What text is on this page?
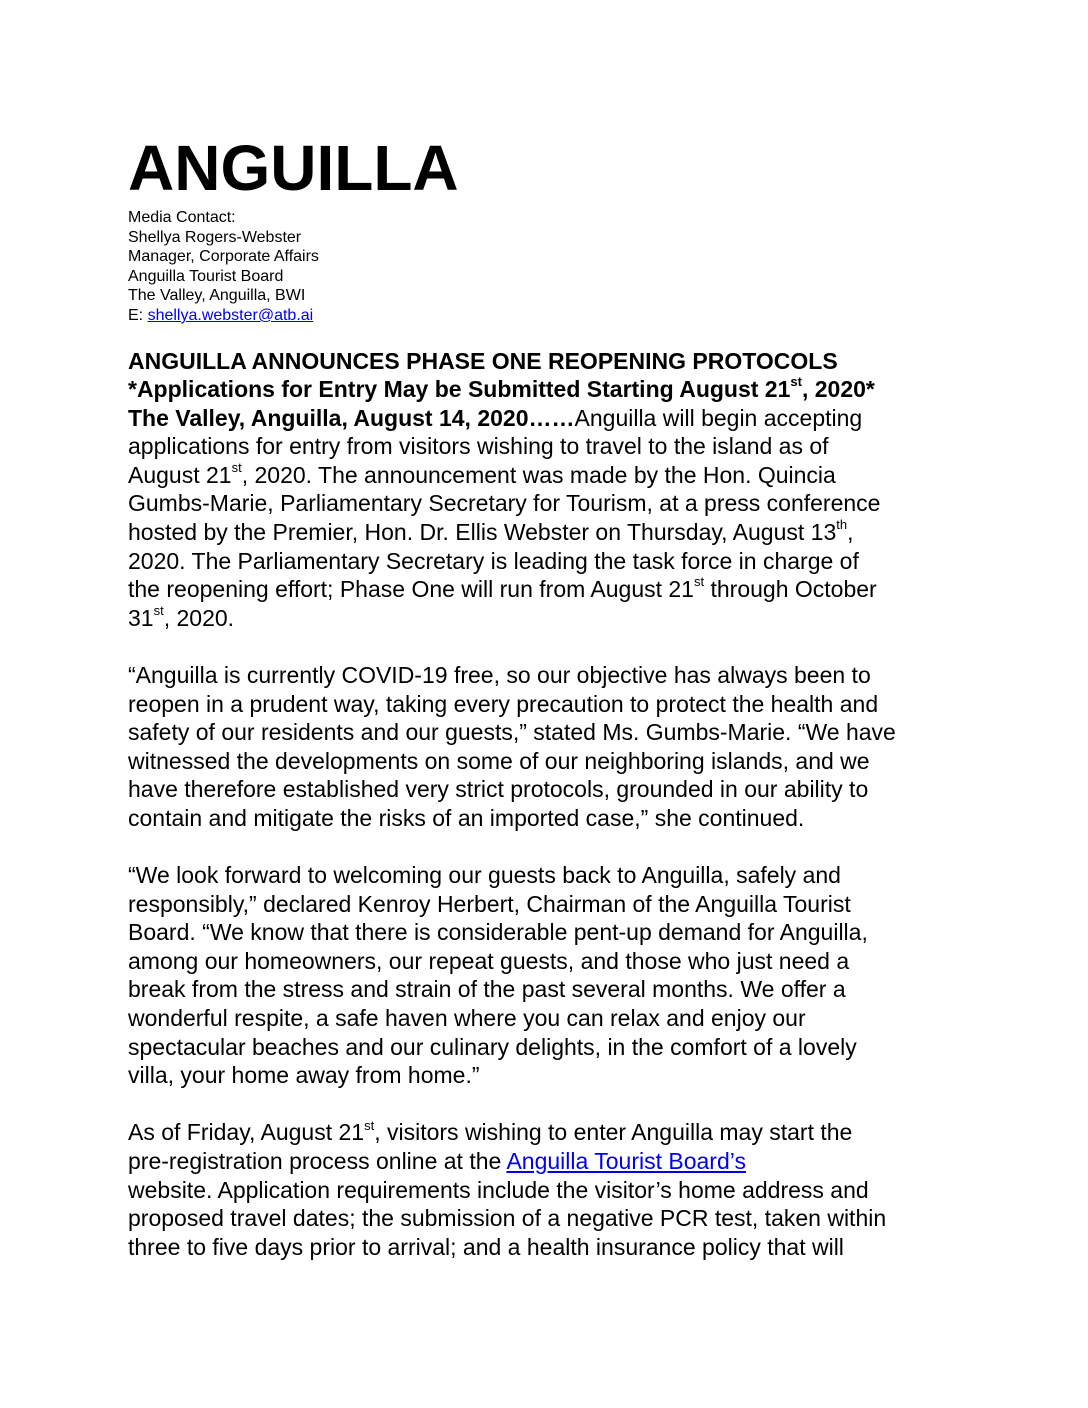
ANGUILLA
Media Contact:
Shellya Rogers-Webster
Manager, Corporate Affairs
Anguilla Tourist Board
The Valley, Anguilla, BWI
E: shellya.webster@atb.ai
ANGUILLA ANNOUNCES PHASE ONE REOPENING PROTOCOLS
*Applications for Entry May be Submitted Starting August 21st, 2020*

The Valley, Anguilla, August 14, 2020……Anguilla will begin accepting
applications for entry from visitors wishing to travel to the island as of
August 21st, 2020. The announcement was made by the Hon. Quincia
Gumbs-Marie, Parliamentary Secretary for Tourism, at a press conference
hosted by the Premier, Hon. Dr. Ellis Webster on Thursday, August 13th,
2020. The Parliamentary Secretary is leading the task force in charge of
the reopening effort; Phase One will run from August 21st through October
31st, 2020.

“Anguilla is currently COVID-19 free, so our objective has always been to
reopen in a prudent way, taking every precaution to protect the health and
safety of our residents and our guests,” stated Ms. Gumbs-Marie. “We have
witnessed the developments on some of our neighboring islands, and we
have therefore established very strict protocols, grounded in our ability to
contain and mitigate the risks of an imported case,” she continued.

“We look forward to welcoming our guests back to Anguilla, safely and
responsibly,” declared Kenroy Herbert, Chairman of the Anguilla Tourist
Board. “We know that there is considerable pent-up demand for Anguilla,
among our homeowners, our repeat guests, and those who just need a
break from the stress and strain of the past several months. We offer a
wonderful respite, a safe haven where you can relax and enjoy our
spectacular beaches and our culinary delights, in the comfort of a lovely
villa, your home away from home.”

As of Friday, August 21st, visitors wishing to enter Anguilla may start the
pre-registration process online at the Anguilla Tourist Board’s
website. Application requirements include the visitor’s home address and
proposed travel dates; the submission of a negative PCR test, taken within
three to five days prior to arrival; and a health insurance policy that will
